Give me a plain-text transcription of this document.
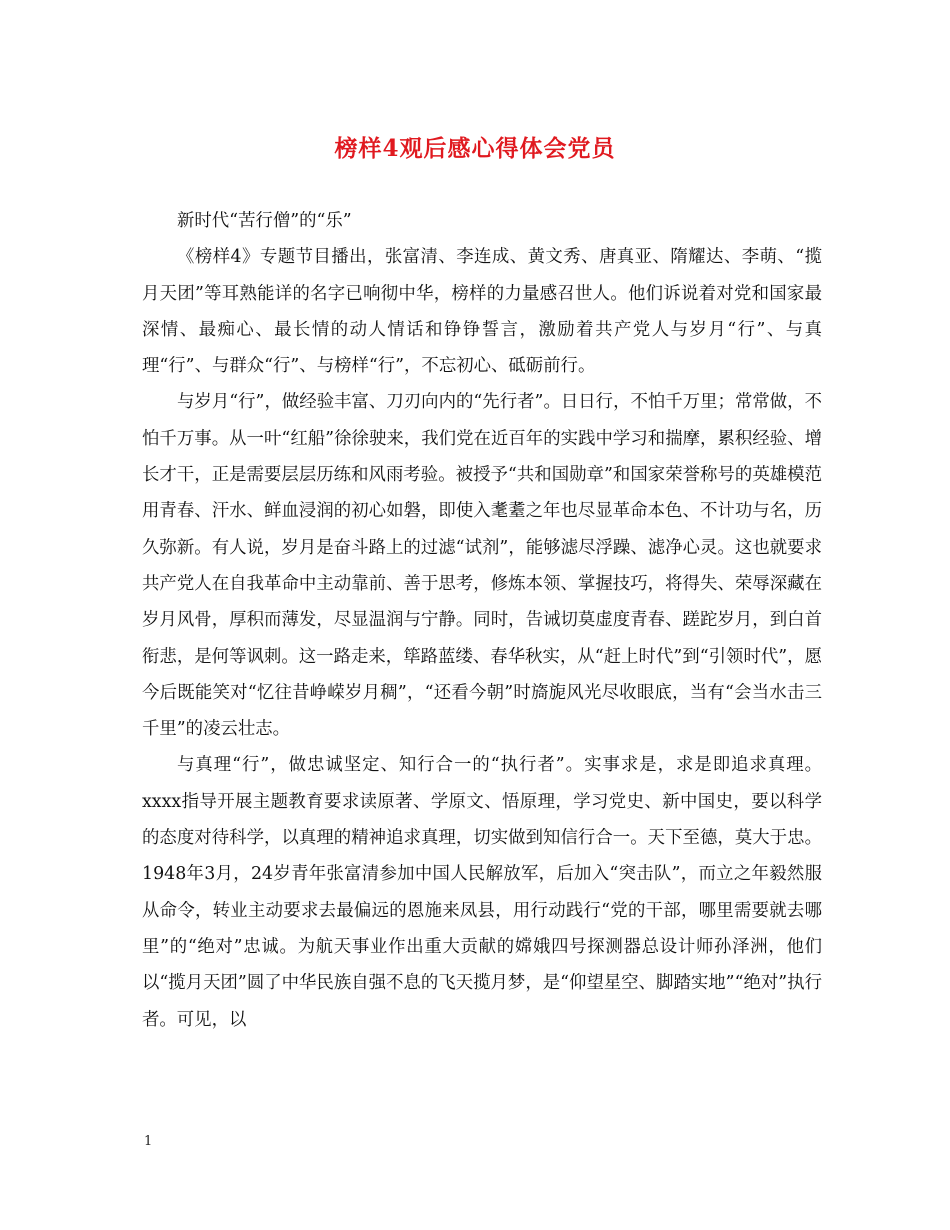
榜样4观后感心得体会党员

新时代“苦行僧”的“乐”

《榜样4》专题节目播出，张富清、李连成、黄文秀、唐真亚、隋耀达、李萌、“揽月天团”等耳熟能详的名字已响彻中华，榜样的力量感召世人。他们诉说着对党和国家最深情、最痴心、最长情的动人情话和铮铮誓言，激励着共产党人与岁月“行”、与真理“行”、与群众“行”、与榜样“行”，不忘初心、砥砺前行。

与岁月“行”，做经验丰富、刀刃向内的“先行者”。日日行，不怕千万里；常常做，不怕千万事。从一叶“红船”徐徐驶来，我们党在近百年的实践中学习和揣摩，累积经验、增长才干，正是需要层层历练和风雨考验。被授予“共和国勋章”和国家荣誉称号的英雄模范用青春、汗水、鲜血浸润的初心如磐，即使入耄耋之年也尽显革命本色、不计功与名，历久弥新。有人说，岁月是奋斗路上的过滤“试剂”，能够滤尽浮躁、滤净心灵。这也就要求共产党人在自我革命中主动靠前、善于思考，修炼本领、掌握技巧，将得失、荣辱深藏在岁月风骨，厚积而薄发，尽显温润与宁静。同时，告诫切莫虚度青春、蹉跎岁月，到白首衔悲，是何等讽刺。这一路走来，筚路蓝缕、春华秋实，从“赶上时代”到“引领时代”，愿今后既能笑对“忆往昔峥嵘岁月稠”，“还看今朝”时旖旎风光尽收眼底，当有“会当水击三千里”的凌云壮志。

与真理“行”，做忠诚坚定、知行合一的“执行者”。实事求是，求是即追求真理。xxxx指导开展主题教育要求读原著、学原文、悟原理，学习党史、新中国史，要以科学的态度对待科学，以真理的精神追求真理，切实做到知信行合一。天下至德，莫大于忠。1948年3月，24岁青年张富清参加中国人民解放军，后加入“突击队”，而立之年毅然服从命令，转业主动要求去最偏远的恩施来凤县，用行动践行“党的干部，哪里需要就去哪里”的“绝对”忠诚。为航天事业作出重大贡献的嫦娥四号探测器总设计师孙泽洲，他们以“揽月天团”圆了中华民族自强不息的飞天揽月梦，是“仰望星空、脚踏实地”“绝对”执行者。可见，以

1
